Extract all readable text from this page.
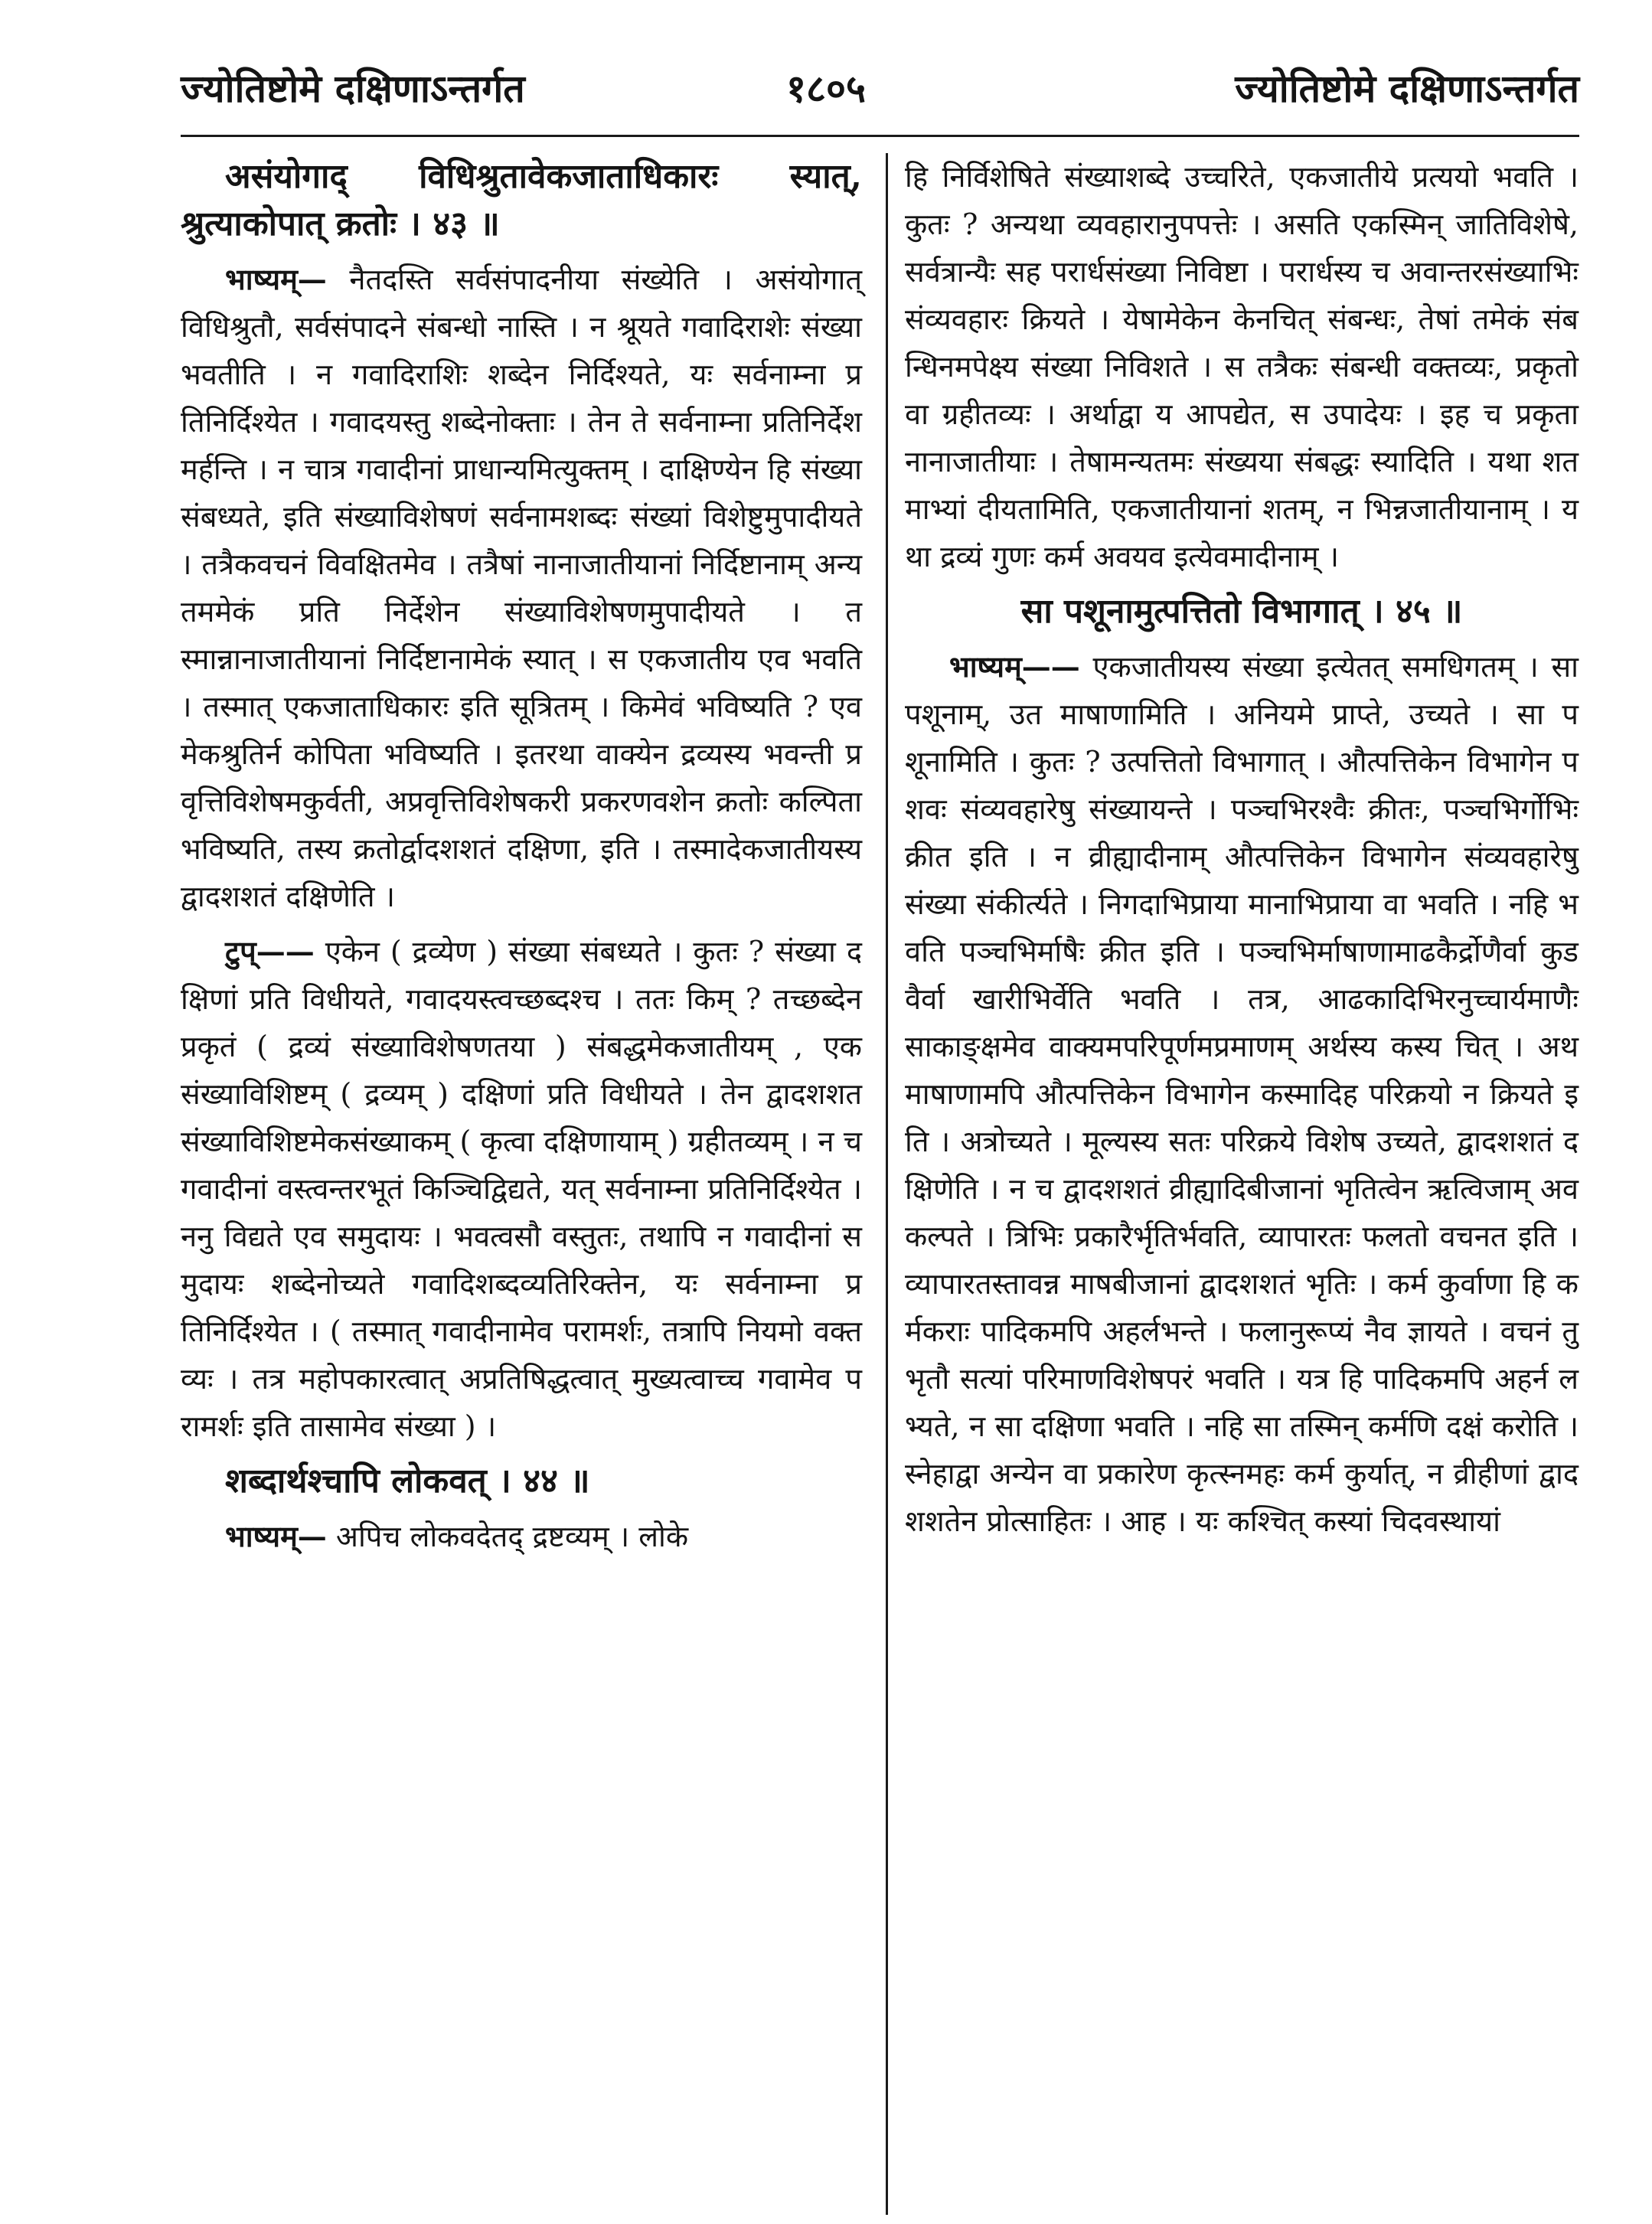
ज्योतिष्टोमे दक्षिणाऽन्तर्गत	१८०५	ज्योतिष्टोमे दक्षिणाऽन्तर्गत

असंयोगाद् विधिश्रुतावेकजाताधिकारः स्यात्, श्रुत्याकोपात् क्रतोः । ४३ ॥

भाष्यम्— नैतदस्ति सर्वसंपादनीया संख्येति । असंयोगात् विधिश्रुतौ, सर्वसंपादने संबन्धो नास्ति । न श्रूयते गवादिराशेः संख्या भवतीति । न गवादिराशिः शब्देन निर्दिश्यते, यः सर्वनाम्ना प्रतिनिर्दिश्येत । गवादयस्तु शब्देनोक्ताः । तेन ते सर्वनाम्ना प्रतिनिर्देशमर्हन्ति । न चात्र गवादीनां प्राधान्यमित्युक्तम् । दाक्षिण्येन हि संख्या संबध्यते, इति संख्याविशेषणं सर्वनामशब्दः संख्यां विशेष्टुमुपादीयते । तत्रैकवचनं विवक्षितमेव । तत्रैषां नानाजातीयानां निर्दिष्टानाम् अन्यतममेकं प्रति निर्देशेन संख्याविशेषणमुपादीयते । तस्मान्नानाजातीयानां निर्दिष्टानामेकं स्यात् । स एकजातीय एव भवति । तस्मात् एकजाताधिकारः इति सूत्रितम् । किमेवं भविष्यति ? एवमेकश्रुतिर्न कोपिता भविष्यति । इतरथा वाक्येन द्रव्यस्य भवन्ती प्रवृत्तिविशेषमकुर्वती, अप्रवृत्तिविशेषकरी प्रकरणवशेन क्रतोः कल्पिता भविष्यति, तस्य क्रतोर्द्वादशशतं दक्षिणा, इति । तस्मादेकजातीयस्य द्वादशशतं दक्षिणेति ।

टुप्—— एकेन ( द्रव्येण ) संख्या संबध्यते । कुतः ? संख्या दक्षिणां प्रति विधीयते, गवादयस्त्वच्छब्दश्च । ततः किम् ? तच्छब्देन प्रकृतं ( द्रव्यं संख्याविशेषणतया ) संबद्धमेकजातीयम् , एकसंख्याविशिष्टम् ( द्रव्यम् ) दक्षिणां प्रति विधीयते । तेन द्वादशशतसंख्याविशिष्टमेकसंख्याकम् ( कृत्वा दक्षिणायाम् ) ग्रहीतव्यम् । न च गवादीनां वस्त्वन्तरभूतं किञ्चिद्विद्यते, यत् सर्वनाम्ना प्रतिनिर्दिश्येत । ननु विद्यते एव समुदायः । भवत्वसौ वस्तुतः, तथापि न गवादीनां समुदायः शब्देनोच्यते गवादिशब्दव्यतिरिक्तेन, यः सर्वनाम्ना प्रतिनिर्दिश्येत । ( तस्मात् गवादीनामेव परामर्शः, तत्रापि नियमो वक्तव्यः । तत्र महोपकारत्वात् अप्रतिषिद्धत्वात् मुख्यत्वाच्च गवामेव परामर्शः इति तासामेव संख्या ) ।

शब्दार्थश्चापि लोकवत् । ४४ ॥

भाष्यम्— अपिच लोकवदेतद् द्रष्टव्यम् । लोके

हि निर्विशेषिते संख्याशब्दे उच्चरिते, एकजातीये प्रत्ययो भवति । कुतः ? अन्यथा व्यवहारानुपपत्तेः । असति एकस्मिन् जातिविशेषे, सर्वत्रान्यैः सह परार्धसंख्या निविष्टा । परार्धस्य च अवान्तरसंख्याभिः संव्यवहारः क्रियते । येषामेकेन केनचित् संबन्धः, तेषां तमेकं संबन्धिनमपेक्ष्य संख्या निविशते । स तत्रैकः संबन्धी वक्तव्यः, प्रकृतो वा ग्रहीतव्यः । अर्थाद्वा य आपद्येत, स उपादेयः । इह च प्रकृता नानाजातीयाः । तेषामन्यतमः संख्यया संबद्धः स्यादिति । यथा शतमाभ्यां दीयतामिति, एकजातीयानां शतम्, न भिन्नजातीयानाम् । यथा द्रव्यं गुणः कर्म अवयव इत्येवमादीनाम् ।

सा पशूनामुत्पत्तितो विभागात् । ४५ ॥

भाष्यम्—— एकजातीयस्य संख्या इत्येतत् समधिगतम् । सा पशूनाम्, उत माषाणामिति । अनियमे प्राप्ते, उच्यते । सा पशूनामिति । कुतः ? उत्पत्तितो विभागात् । औत्पत्तिकेन विभागेन पशवः संव्यवहारेषु संख्यायन्ते । पञ्चभिरश्वैः क्रीतः, पञ्चभिर्गोभिः क्रीत इति । न व्रीह्यादीनाम् औत्पत्तिकेन विभागेन संव्यवहारेषु संख्या संकीर्त्यते । निगदाभिप्राया मानाभिप्राया वा भवति । नहि भवति पञ्चभिर्माषैः क्रीत इति । पञ्चभिर्माषाणामाढकैर्द्रोणैर्वा कुडवैर्वा खारीभिर्वेति भवति । तत्र, आढकादिभिरनुच्चार्यमाणैः साकाङ्क्षमेव वाक्यमपरिपूर्णमप्रमाणम् अर्थस्य कस्य चित् । अथ माषाणामपि औत्पत्तिकेन विभागेन कस्मादिह परिक्रयो न क्रियते इति । अत्रोच्यते । मूल्यस्य सतः परिक्रये विशेष उच्यते, द्वादशशतं दक्षिणेति । न च द्वादशशतं व्रीह्यादिबीजानां भृतित्वेन ऋत्विजाम् अवकल्पते । त्रिभिः प्रकारैर्भृतिर्भवति, व्यापारतः फलतो वचनत इति । व्यापारतस्तावन्न माषबीजानां द्वादशशतं भृतिः । कर्म कुर्वाणा हि कर्मकराः पादिकमपि अहर्लभन्ते । फलानुरूप्यं नैव ज्ञायते । वचनं तु भृतौ सत्यां परिमाणविशेषपरं भवति । यत्र हि पादिकमपि अहर्न लभ्यते, न सा दक्षिणा भवति । नहि सा तस्मिन् कर्मणि दक्षं करोति । स्नेहाद्वा अन्येन वा प्रकारेण कृत्स्नमहः कर्म कुर्यात्, न व्रीहीणां द्वादशशतेन प्रोत्साहितः । आह । यः कश्चित् कस्यां चिदवस्थायां
